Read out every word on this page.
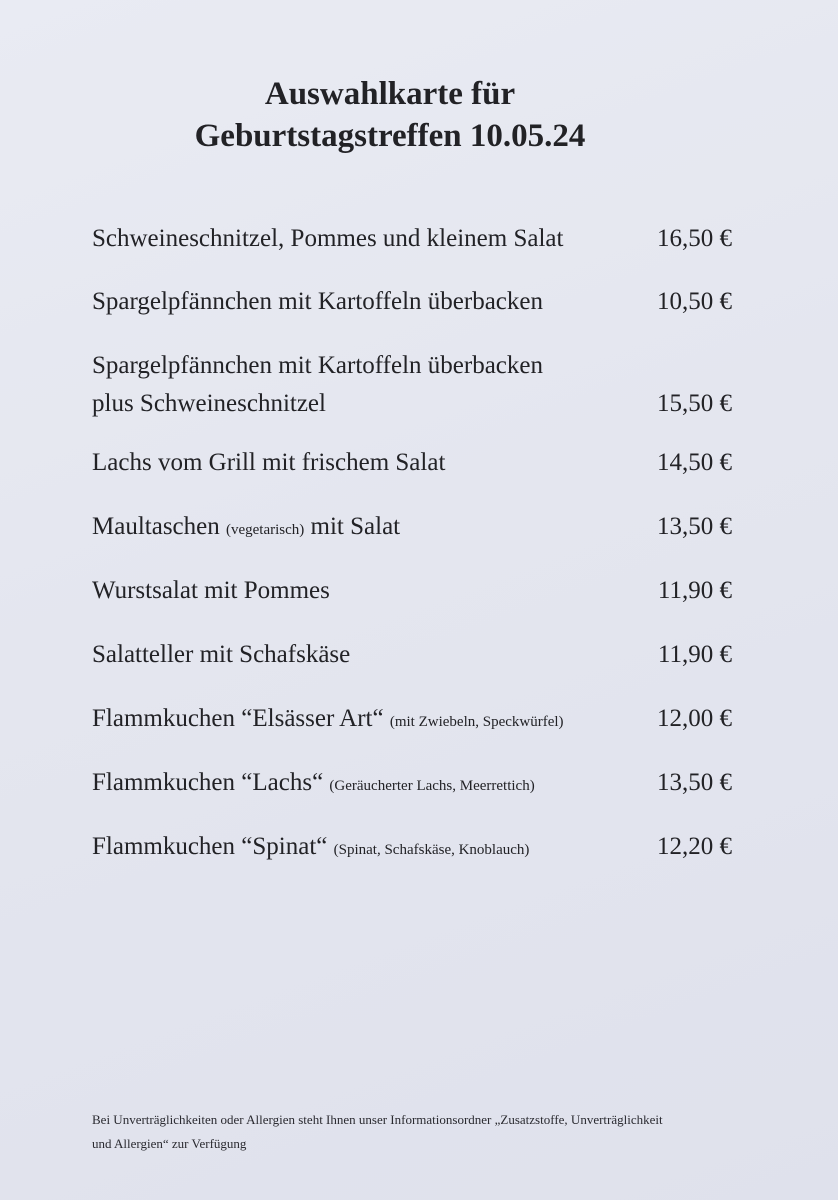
Auswahlkarte für
Geburtstagstreffen 10.05.24
Schweineschnitzel, Pommes und kleinem Salat	16,50 €
Spargelpfännchen mit Kartoffeln überbacken	10,50 €
Spargelpfännchen mit Kartoffeln überbacken
plus Schweineschnitzel	15,50 €
Lachs vom Grill mit frischem Salat	14,50 €
Maultaschen (vegetarisch) mit Salat	13,50 €
Wurstsalat mit Pommes	11,90 €
Salatteller mit Schafskäse	11,90 €
Flammkuchen “Elsässer Art“ (mit Zwiebeln, Speckwürfel)	12,00 €
Flammkuchen “Lachs“ (Geräucherter Lachs, Meerrettich)	13,50 €
Flammkuchen “Spinat“ (Spinat, Schafskäse, Knoblauch)	12,20 €
Bei Unverträglichkeiten oder Allergien steht Ihnen unser Informationsordner „Zusatzstoffe, Unverträglichkeit
und Allergien“ zur Verfügung
